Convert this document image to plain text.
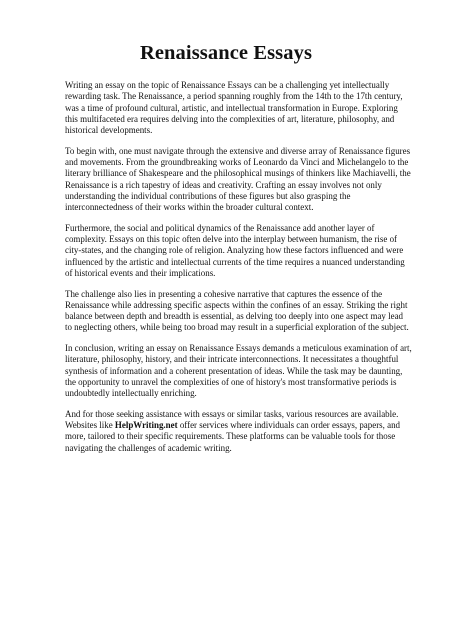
Renaissance Essays

Writing an essay on the topic of Renaissance Essays can be a challenging yet intellectually
rewarding task. The Renaissance, a period spanning roughly from the 14th to the 17th century,
was a time of profound cultural, artistic, and intellectual transformation in Europe. Exploring
this multifaceted era requires delving into the complexities of art, literature, philosophy, and
historical developments.

To begin with, one must navigate through the extensive and diverse array of Renaissance figures
and movements. From the groundbreaking works of Leonardo da Vinci and Michelangelo to the
literary brilliance of Shakespeare and the philosophical musings of thinkers like Machiavelli, the
Renaissance is a rich tapestry of ideas and creativity. Crafting an essay involves not only
understanding the individual contributions of these figures but also grasping the
interconnectedness of their works within the broader cultural context.

Furthermore, the social and political dynamics of the Renaissance add another layer of
complexity. Essays on this topic often delve into the interplay between humanism, the rise of
city-states, and the changing role of religion. Analyzing how these factors influenced and were
influenced by the artistic and intellectual currents of the time requires a nuanced understanding
of historical events and their implications.

The challenge also lies in presenting a cohesive narrative that captures the essence of the
Renaissance while addressing specific aspects within the confines of an essay. Striking the right
balance between depth and breadth is essential, as delving too deeply into one aspect may lead
to neglecting others, while being too broad may result in a superficial exploration of the subject.

In conclusion, writing an essay on Renaissance Essays demands a meticulous examination of art,
literature, philosophy, history, and their intricate interconnections. It necessitates a thoughtful
synthesis of information and a coherent presentation of ideas. While the task may be daunting,
the opportunity to unravel the complexities of one of history's most transformative periods is
undoubtedly intellectually enriching.

And for those seeking assistance with essays or similar tasks, various resources are available.
Websites like HelpWriting.net offer services where individuals can order essays, papers, and
more, tailored to their specific requirements. These platforms can be valuable tools for those
navigating the challenges of academic writing.
